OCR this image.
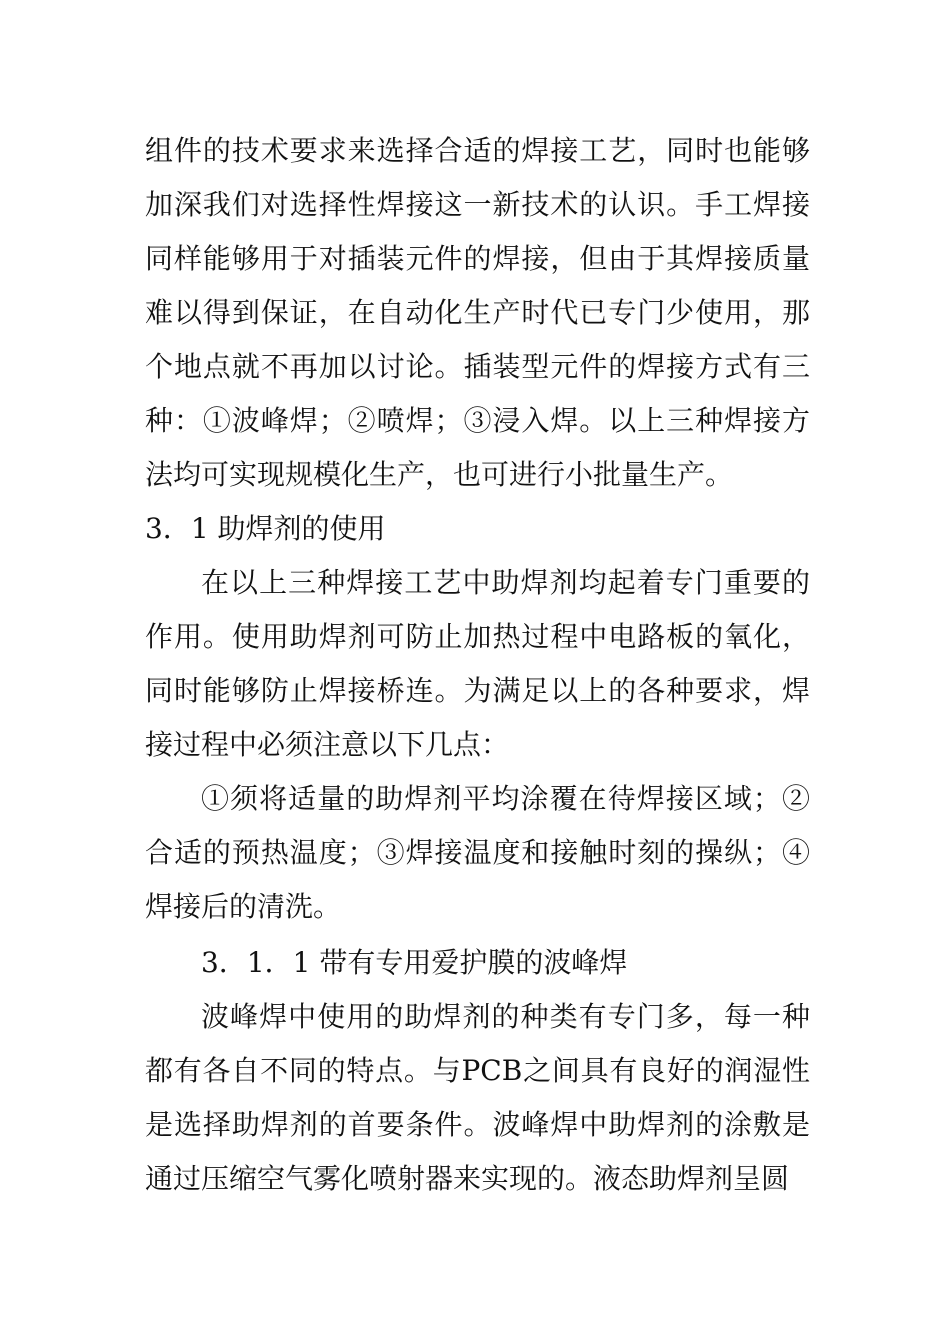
组件的技术要求来选择合适的焊接工艺，同时也能够加深我们对选择性焊接这一新技术的认识。手工焊接同样能够用于对插装元件的焊接，但由于其焊接质量难以得到保证，在自动化生产时代已专门少使用，那个地点就不再加以讨论。插装型元件的焊接方式有三种：①波峰焊；②喷焊；③浸入焊。以上三种焊接方法均可实现规模化生产，也可进行小批量生产。

3．1 助焊剂的使用

在以上三种焊接工艺中助焊剂均起着专门重要的作用。使用助焊剂可防止加热过程中电路板的氧化，同时能够防止焊接桥连。为满足以上的各种要求，焊接过程中必须注意以下几点：

①须将适量的助焊剂平均涂覆在待焊接区域；②合适的预热温度；③焊接温度和接触时刻的操纵；④焊接后的清洗。

3．1．1 带有专用爱护膜的波峰焊

波峰焊中使用的助焊剂的种类有专门多，每一种都有各自不同的特点。与PCB之间具有良好的润湿性是选择助焊剂的首要条件。波峰焊中助焊剂的涂敷是通过压缩空气雾化喷射器来实现的。液态助焊剂呈圆
